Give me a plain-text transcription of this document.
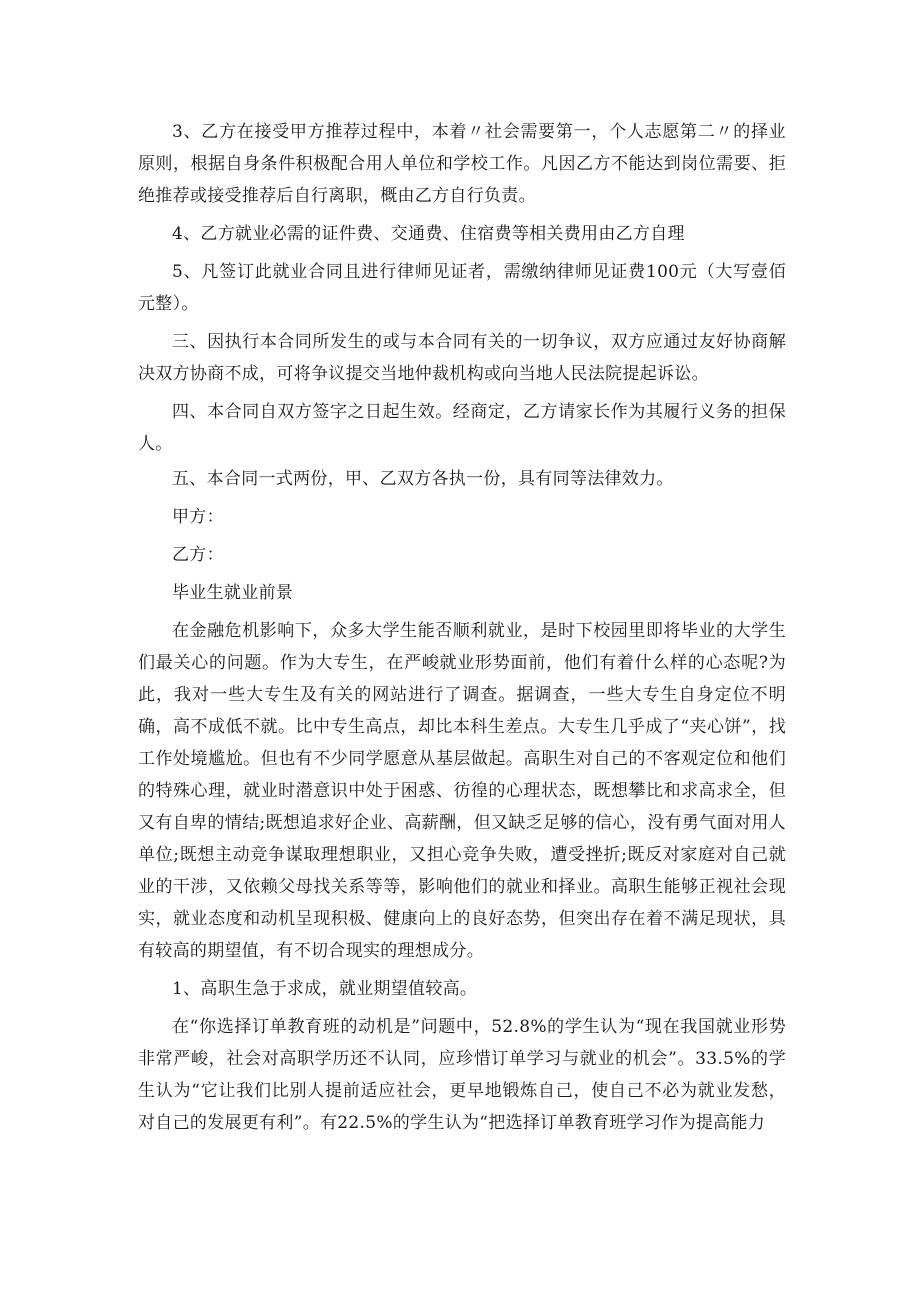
3、乙方在接受甲方推荐过程中，本着〃社会需要第一，个人志愿第二〃的择业原则，根据自身条件积极配合用人单位和学校工作。凡因乙方不能达到岗位需要、拒绝推荐或接受推荐后自行离职，概由乙方自行负责。

4、乙方就业必需的证件费、交通费、住宿费等相关费用由乙方自理

5、凡签订此就业合同且进行律师见证者，需缴纳律师见证费100元（大写壹佰元整）。

三、因执行本合同所发生的或与本合同有关的一切争议，双方应通过友好协商解决双方协商不成，可将争议提交当地仲裁机构或向当地人民法院提起诉讼。

四、本合同自双方签字之日起生效。经商定，乙方请家长作为其履行义务的担保人。

五、本合同一式两份，甲、乙双方各执一份，具有同等法律效力。

甲方：

乙方：

毕业生就业前景

在金融危机影响下，众多大学生能否顺利就业，是时下校园里即将毕业的大学生们最关心的问题。作为大专生，在严峻就业形势面前，他们有着什么样的心态呢?为此，我对一些大专生及有关的网站进行了调查。据调查，一些大专生自身定位不明确，高不成低不就。比中专生高点，却比本科生差点。大专生几乎成了“夹心饼”，找工作处境尴尬。但也有不少同学愿意从基层做起。高职生对自己的不客观定位和他们的特殊心理，就业时潜意识中处于困惑、彷徨的心理状态，既想攀比和求高求全，但又有自卑的情结;既想追求好企业、高薪酬，但又缺乏足够的信心，没有勇气面对用人单位;既想主动竞争谋取理想职业，又担心竞争失败，遭受挫折;既反对家庭对自己就业的干涉，又依赖父母找关系等等，影响他们的就业和择业。高职生能够正视社会现实，就业态度和动机呈现积极、健康向上的良好态势，但突出存在着不满足现状，具有较高的期望值，有不切合现实的理想成分。

1、高职生急于求成，就业期望值较高。

在“你选择订单教育班的动机是”问题中，52.8%的学生认为“现在我国就业形势非常严峻，社会对高职学历还不认同，应珍惜订单学习与就业的机会”。33.5%的学生认为“它让我们比别人提前适应社会，更早地锻炼自己，使自己不必为就业发愁，对自己的发展更有利”。有22.5%的学生认为“把选择订单教育班学习作为提高能力
